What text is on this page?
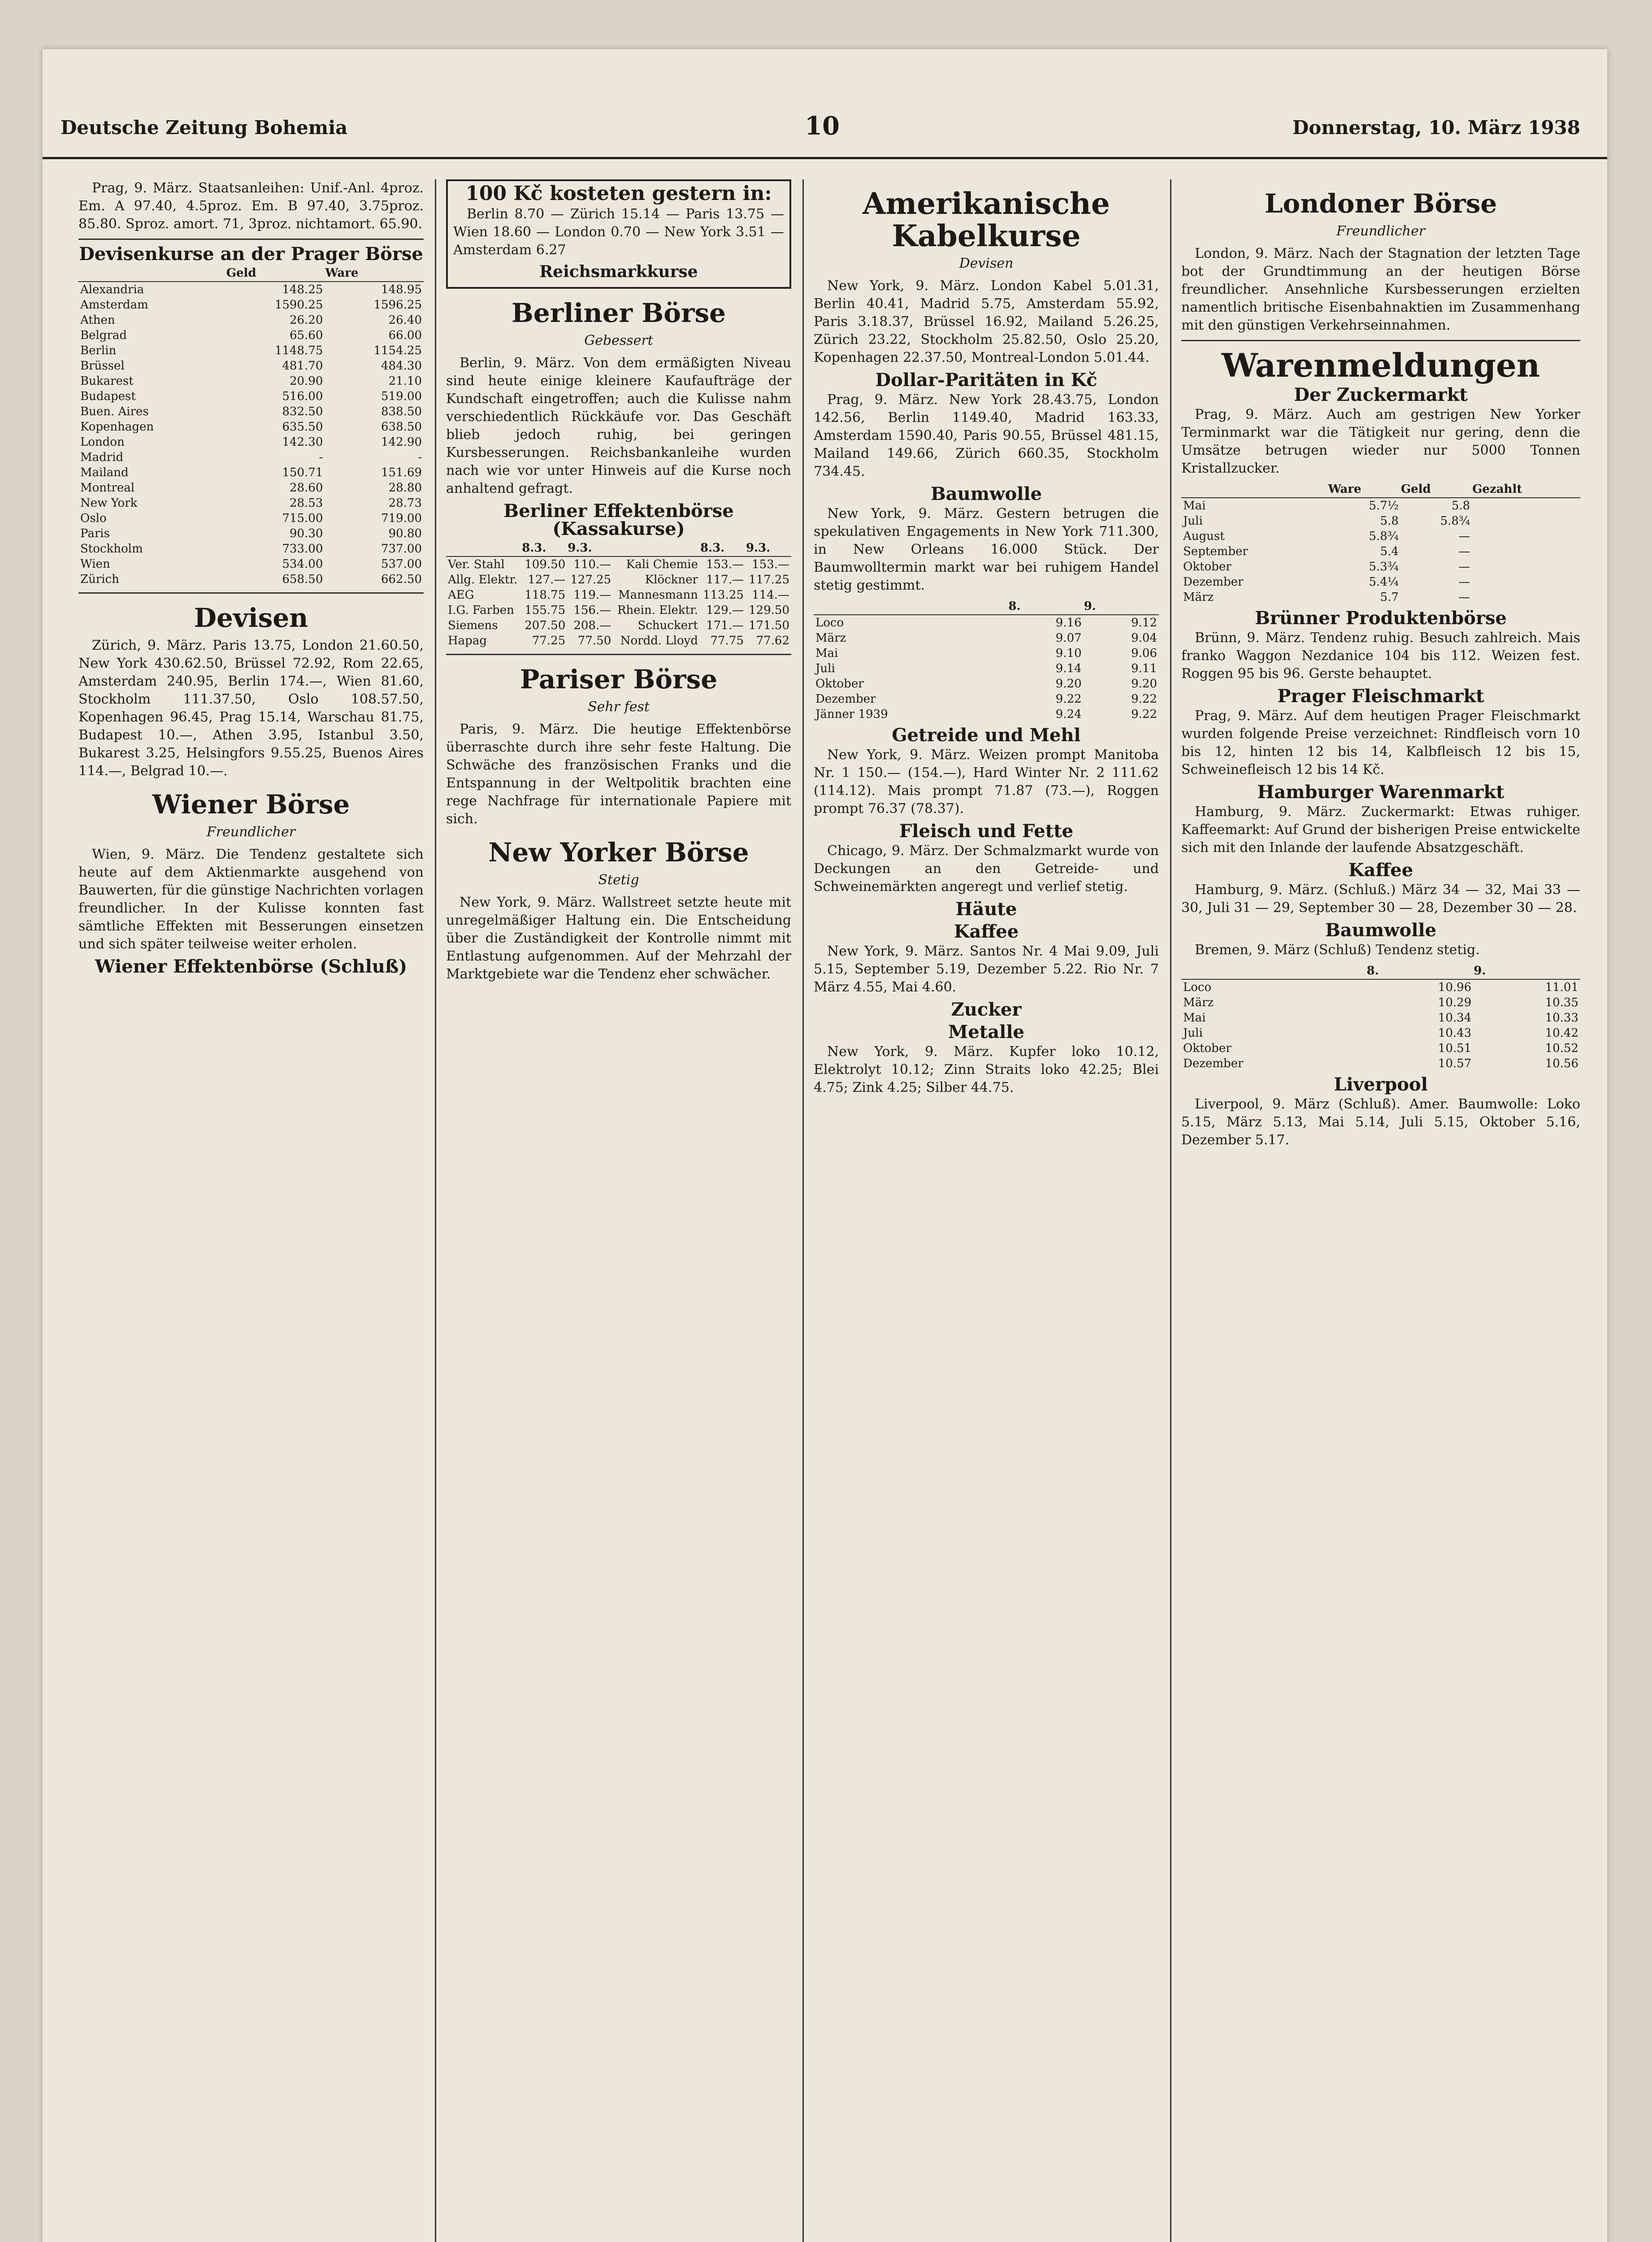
Deutsche Zeitung Bohemia	10	Donnerstag, 10. März 1938

Prag, 9. März. Staatsanleihen: Unif.-Anl. 4proz. Em. A 97.40, 4.5proz. Em. B 97.40, 3.75proz. 85.80. Sproz. amort. 71, 3proz. nichtamort. 65.90.

Devisenkurse an der Prager Börse
	Geld	Ware
Alexandria	148.25	148.95
Amsterdam	1590.25	1596.25
Athen	26.20	26.40
Belgrad	65.60	66.00
Berlin	1148.75	1154.25
Brüssel	481.70	484.30
Bukarest	20.90	21.10
Budapest	516.00	519.00
Buen. Aires	832.50	838.50
Kopenhagen	635.50	638.50
London	142.30	142.90
Madrid	-	-
Mailand	150.71	151.69
Montreal	28.60	28.80
New York	28.53	28.73
Oslo	715.00	719.00
Paris	90.30	90.80
Stockholm	733.00	737.00
Wien	534.00	537.00
Zürich	658.50	662.50
Devisen

Zürich, 9. März. Paris 13.75, London 21.60.50, New York 430.62.50, Brüssel 72.92, Rom 22.65, Amsterdam 240.95, Berlin 174.—, Wien 81.60, Stockholm 111.37.50, Oslo 108.57.50, Kopenhagen 96.45, Prag 15.14, Warschau 81.75, Budapest 10.—, Athen 3.95, Istanbul 3.50, Bukarest 3.25, Helsingfors 9.55.25, Buenos Aires 114.—, Belgrad 10.—.

Wiener Börse
Freundlicher

Wien, 9. März. Die Tendenz gestaltete sich heute auf dem Aktienmarkte ausgehend von Bauwerten, für die günstige Nachrichten vorlagen freundlicher. In der Kulisse konnten fast sämtliche Effekten mit Besserungen einsetzen und sich später teilweise weiter erholen.

Wiener Effektenbörse (Schluß)
100 Kč kosteten gestern in:

Berlin 8.70 — Zürich 15.14 — Paris 13.75 — Wien 18.60 — London 0.70 — New York 3.51 — Amsterdam 6.27

Reichsmarkkurse
Berliner Börse
Gebessert

Berlin, 9. März. Von dem ermäßigten Niveau sind heute einige kleinere Kaufaufträge der Kundschaft eingetroffen; auch die Kulisse nahm verschiedentlich Rückkäufe vor. Das Geschäft blieb jedoch ruhig, bei geringen Kursbesserungen. Reichsbankanleihe wurden nach wie vor unter Hinweis auf die Kurse noch anhaltend gefragt.

Berliner Effektenbörse (Kassakurse)
	8.3.	9.3.		8.3.	9.3.
Ver. Stahl	109.50	110.—	Kali Chemie	153.—	153.—
Allg. Elektr.	127.—	127.25	Klöckner	117.—	117.25
AEG	118.75	119.—	Mannesmann	113.25	114.—
I.G. Farben	155.75	156.—	Rhein. Elektr.	129.—	129.50
Siemens	207.50	208.—	Schuckert	171.—	171.50
Hapag	77.25	77.50	Nordd. Lloyd	77.75	77.62
Pariser Börse
Sehr fest

Paris, 9. März. Die heutige Effektenbörse überraschte durch ihre sehr feste Haltung. Die Schwäche des französischen Franks und die Entspannung in der Weltpolitik brachten eine rege Nachfrage für internationale Papiere mit sich.

New Yorker Börse
Stetig

New York, 9. März. Wallstreet setzte heute mit unregelmäßiger Haltung ein. Die Entscheidung über die Zuständigkeit der Kontrolle nimmt mit Entlastung aufgenommen. Auf der Mehrzahl der Marktgebiete war die Tendenz eher schwächer.

Amerikanische Kabelkurse
Devisen

New York, 9. März. London Kabel 5.01.31, Berlin 40.41, Madrid 5.75, Amsterdam 55.92, Paris 3.18.37, Brüssel 16.92, Mailand 5.26.25, Zürich 23.22, Stockholm 25.82.50, Oslo 25.20, Kopenhagen 22.37.50, Montreal-London 5.01.44.

Dollar-Paritäten in Kč

Prag, 9. März. New York 28.43.75, London 142.56, Berlin 1149.40, Madrid 163.33, Amsterdam 1590.40, Paris 90.55, Brüssel 481.15, Mailand 149.66, Zürich 660.35, Stockholm 734.45.

Baumwolle

New York, 9. März. Gestern betrugen die spekulativen Engagements in New York 711.300, in New Orleans 16.000 Stück. Der Baumwolltermin markt war bei ruhigem Handel stetig gestimmt.

	8.	9.
Loco	9.16	9.12
März	9.07	9.04
Mai	9.10	9.06
Juli	9.14	9.11
Oktober	9.20	9.20
Dezember	9.22	9.22
Jänner 1939	9.24	9.22
Getreide und Mehl

New York, 9. März. Weizen prompt Manitoba Nr. 1 150.— (154.—), Hard Winter Nr. 2 111.62 (114.12). Mais prompt 71.87 (73.—), Roggen prompt 76.37 (78.37).

Fleisch und Fette

Chicago, 9. März. Der Schmalzmarkt wurde von Deckungen an den Getreide- und Schweinemärkten angeregt und verlief stetig.

Häute
Kaffee

New York, 9. März. Santos Nr. 4 Mai 9.09, Juli 5.15, September 5.19, Dezember 5.22. Rio Nr. 7 März 4.55, Mai 4.60.

Zucker
Metalle

New York, 9. März. Kupfer loko 10.12, Elektrolyt 10.12; Zinn Straits loko 42.25; Blei 4.75; Zink 4.25; Silber 44.75.

Londoner Börse
Freundlicher

London, 9. März. Nach der Stagnation der letzten Tage bot der Grundtimmung an der heutigen Börse freundlicher. Ansehnliche Kursbesserungen erzielten namentlich britische Eisenbahnaktien im Zusammenhang mit den günstigen Verkehrseinnahmen.

Warenmeldungen
Der Zuckermarkt

Prag, 9. März. Auch am gestrigen New Yorker Terminmarkt war die Tätigkeit nur gering, denn die Umsätze betrugen wieder nur 5000 Tonnen Kristallzucker.

	Ware	Geld	Gezahlt
Mai	5.7½	5.8	
Juli	5.8	5.8¾	
August	5.8¾	—	
September	5.4	—	
Oktober	5.3¾	—	
Dezember	5.4¼	—	
März	5.7	—	
Brünner Produktenbörse

Brünn, 9. März. Tendenz ruhig. Besuch zahlreich. Mais franko Waggon Nezdanice 104 bis 112. Weizen fest. Roggen 95 bis 96. Gerste behauptet.

Prager Fleischmarkt

Prag, 9. März. Auf dem heutigen Prager Fleischmarkt wurden folgende Preise verzeichnet: Rindfleisch vorn 10 bis 12, hinten 12 bis 14, Kalbfleisch 12 bis 15, Schweinefleisch 12 bis 14 Kč.

Hamburger Warenmarkt

Hamburg, 9. März. Zuckermarkt: Etwas ruhiger. Kaffeemarkt: Auf Grund der bisherigen Preise entwickelte sich mit den Inlande der laufende Absatzgeschäft.

Kaffee

Hamburg, 9. März. (Schluß.) März 34 — 32, Mai 33 — 30, Juli 31 — 29, September 30 — 28, Dezember 30 — 28.

Baumwolle

Bremen, 9. März (Schluß) Tendenz stetig.

	8.	9.
Loco	10.96	11.01
März	10.29	10.35
Mai	10.34	10.33
Juli	10.43	10.42
Oktober	10.51	10.52
Dezember	10.57	10.56
Liverpool

Liverpool, 9. März (Schluß). Amer. Baumwolle: Loko 5.15, März 5.13, Mai 5.14, Juli 5.15, Oktober 5.16, Dezember 5.17.
